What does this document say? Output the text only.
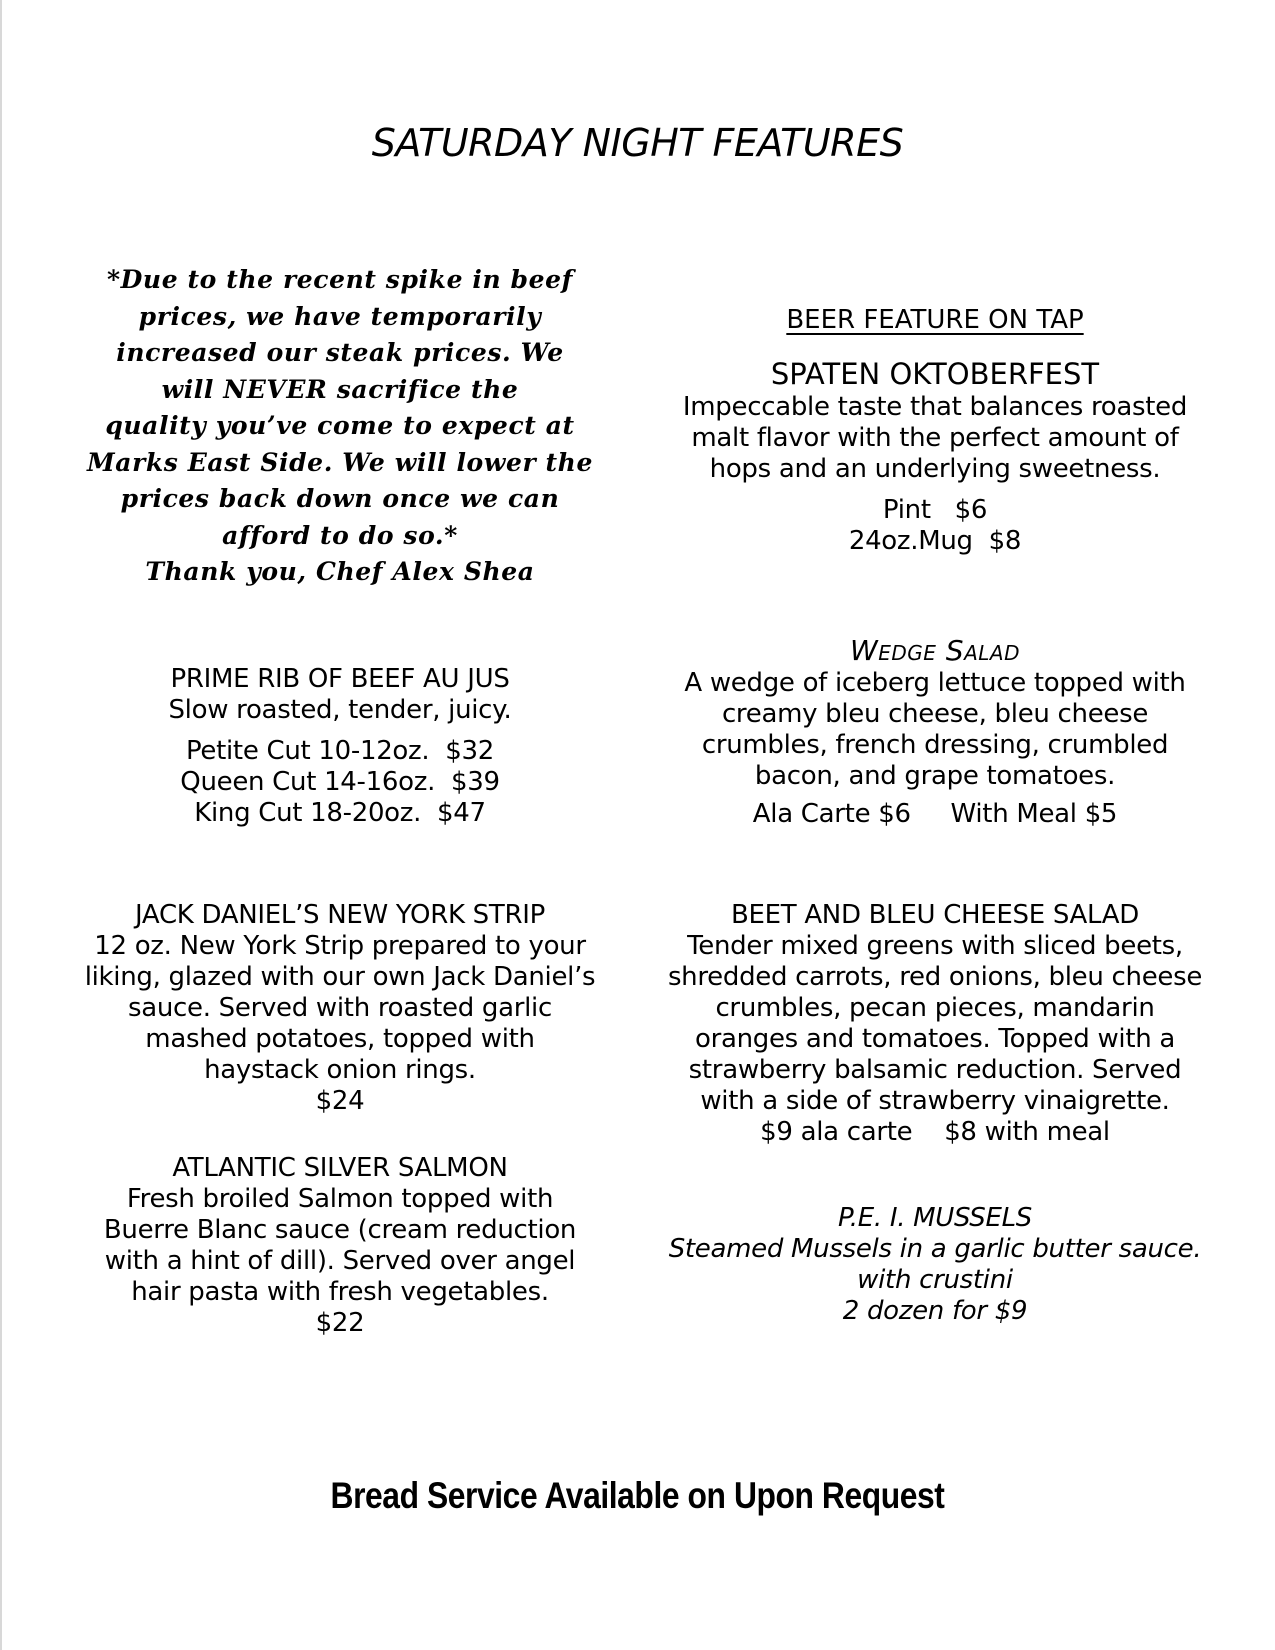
SATURDAY NIGHT FEATURES
*Due to the recent spike in beef
prices, we have temporarily
increased our steak prices. We
will NEVER sacrifice the
quality you’ve come to expect at
Marks East Side. We will lower the
prices back down once we can
afford to do so.*
Thank you, Chef Alex Shea
BEER FEATURE ON TAP
SPATEN OKTOBERFEST
Impeccable taste that balances roasted
malt flavor with the perfect amount of
hops and an underlying sweetness.
Pint   $6
24oz.Mug  $8
PRIME RIB OF BEEF AU JUS
Slow roasted, tender, juicy.
Petite Cut 10-12oz.  $32
Queen Cut 14-16oz.  $39
King Cut 18-20oz.  $47
Wedge Salad
A wedge of iceberg lettuce topped with
creamy bleu cheese, bleu cheese
crumbles, french dressing, crumbled
bacon, and grape tomatoes.
Ala Carte $6     With Meal $5
JACK DANIEL’S NEW YORK STRIP
12 oz. New York Strip prepared to your
liking, glazed with our own Jack Daniel’s
sauce. Served with roasted garlic
mashed potatoes, topped with
haystack onion rings.
$24
BEET AND BLEU CHEESE SALAD
Tender mixed greens with sliced beets,
shredded carrots, red onions, bleu cheese
crumbles, pecan pieces, mandarin
oranges and tomatoes. Topped with a
strawberry balsamic reduction. Served
with a side of strawberry vinaigrette.
$9 ala carte    $8 with meal
ATLANTIC SILVER SALMON
Fresh broiled Salmon topped with
Buerre Blanc sauce (cream reduction
with a hint of dill). Served over angel
hair pasta with fresh vegetables.
$22
P.E. I. MUSSELS
Steamed Mussels in a garlic butter sauce.
with crustini
2 dozen for $9
Bread Service Available on Upon Request
